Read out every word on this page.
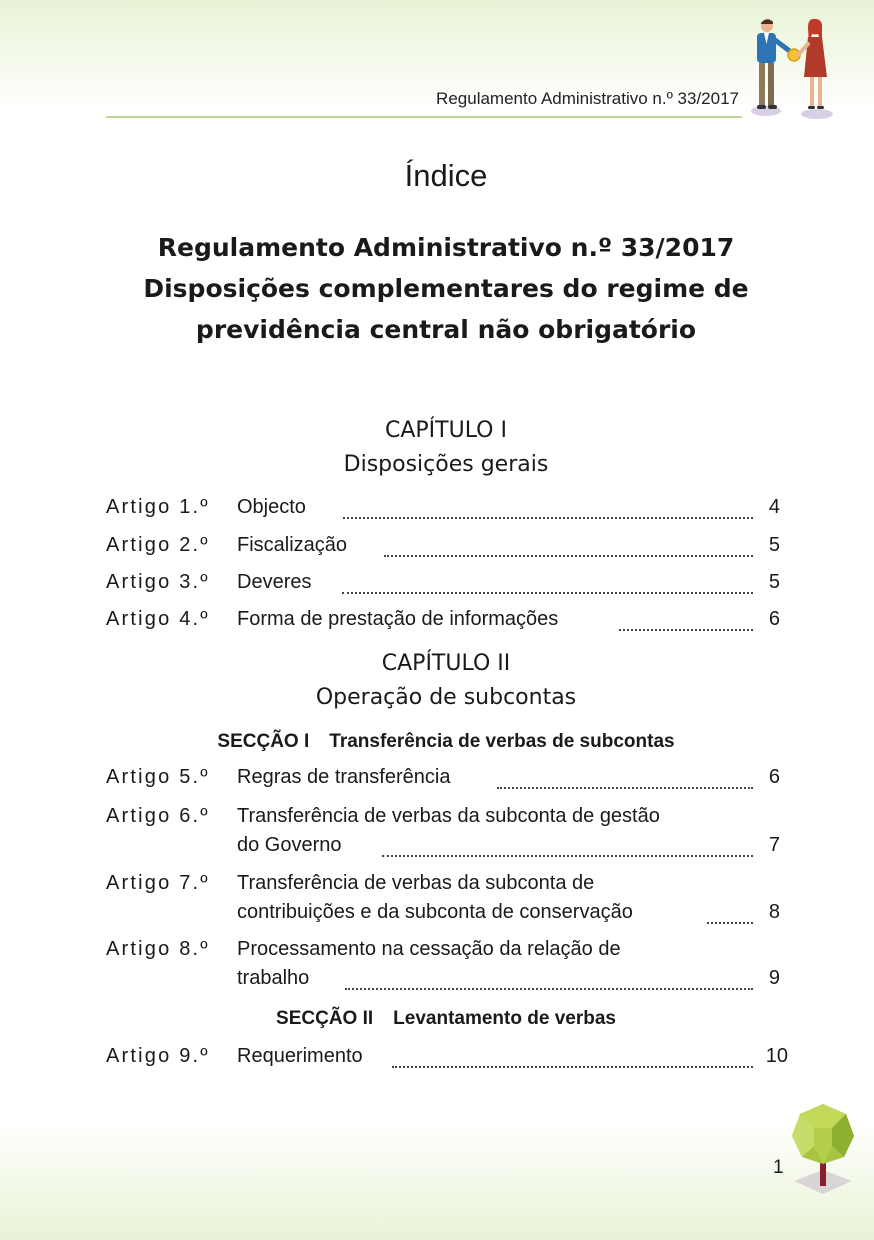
Regulamento Administrativo n.º 33/2017
Índice
Regulamento Administrativo n.º 33/2017
Disposições complementares do regime de
previdência central não obrigatório
CAPÍTULO I
Disposições gerais
Artigo 1.º Objecto	4
Artigo 2.º Fiscalização	5
Artigo 3.º Deveres	5
Artigo 4.º Forma de prestação de informações	6
CAPÍTULO II
Operação de subcontas
SECÇÃO I Transferência de verbas de subcontas
Artigo 5.º Regras de transferência	6
Artigo 6.º Transferência de verbas da subconta de gestão
do Governo	7
Artigo 7.º Transferência de verbas da subconta de
contribuições e da subconta de conservação	8
Artigo 8.º Processamento na cessação da relação de
trabalho	9
SECÇÃO II Levantamento de verbas
Artigo 9.º Requerimento	10
1
